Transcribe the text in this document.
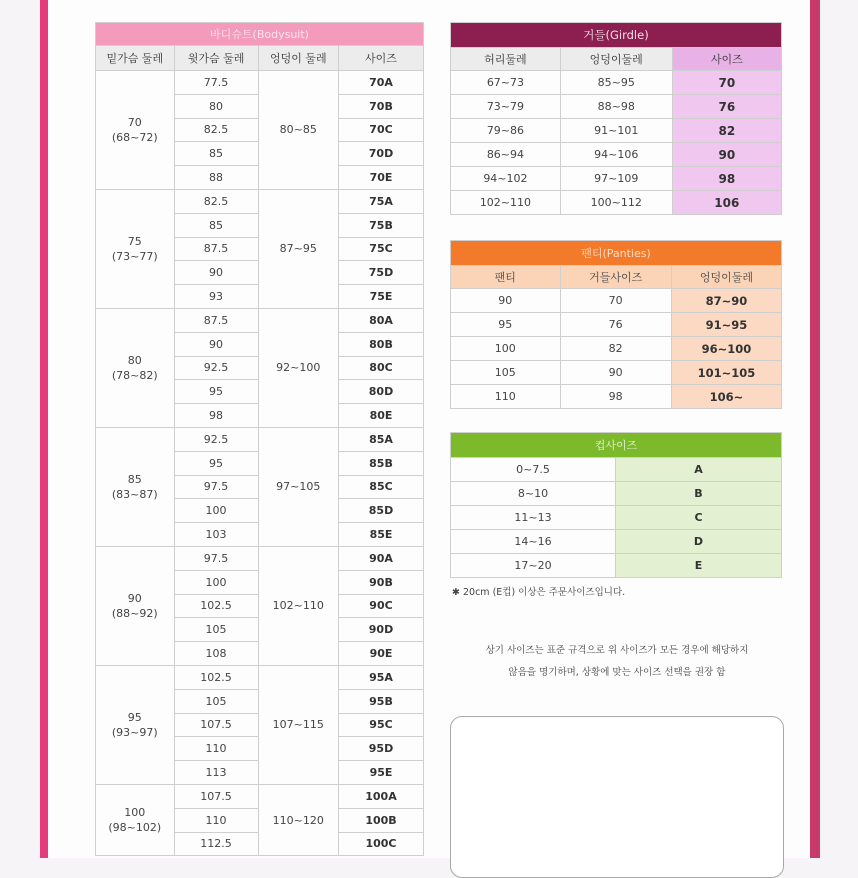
바디슈트(Bodysuit)			
밑가슴 둘레	윗가슴 둘레	엉덩이 둘레	사이즈

70
(68~72)	77.5	80~85	70A
	80		70B
	82.5		70C
	85		70D
	88		70E

75
(73~77)	82.5	87~95	75A
	85		75B
	87.5		75C
	90		75D
	93		75E

80
(78~82)	87.5	92~100	80A
	90		80B
	92.5		80C
	95		80D
	98		80E

85
(83~87)	92.5	97~105	85A
	95		85B
	97.5		85C
	100		85D
	103		85E

90
(88~92)	97.5	102~110	90A
	100		90B
	102.5		90C
	105		90D
	108		90E

95
(93~97)	102.5	107~115	95A
	105		95B
	107.5		95C
	110		95D
	113		95E

100
(98~102)	107.5	110~120	100A
	110		100B
	112.5		100C
거들(Girdle)		
허리둘레	엉덩이둘레	사이즈
67~73	85~95	70
73~79	88~98	76
79~86	91~101	82
86~94	94~106	90
94~102	97~109	98
102~110	100~112	106
팬티(Panties)		
팬티	거들사이즈	엉덩이둘레
90	70	87~90
95	76	91~95
100	82	96~100
105	90	101~105
110	98	106~
컵사이즈	
0~7.5	A
8~10	B
11~13	C
14~16	D
17~20	E
✱ 20cm (E컵) 이상은 주문사이즈입니다.
상기 사이즈는 표준 규격으로 위 사이즈가 모든 경우에 해당하지
않음을 명기하며, 상황에 맞는 사이즈 선택을 권장 함
